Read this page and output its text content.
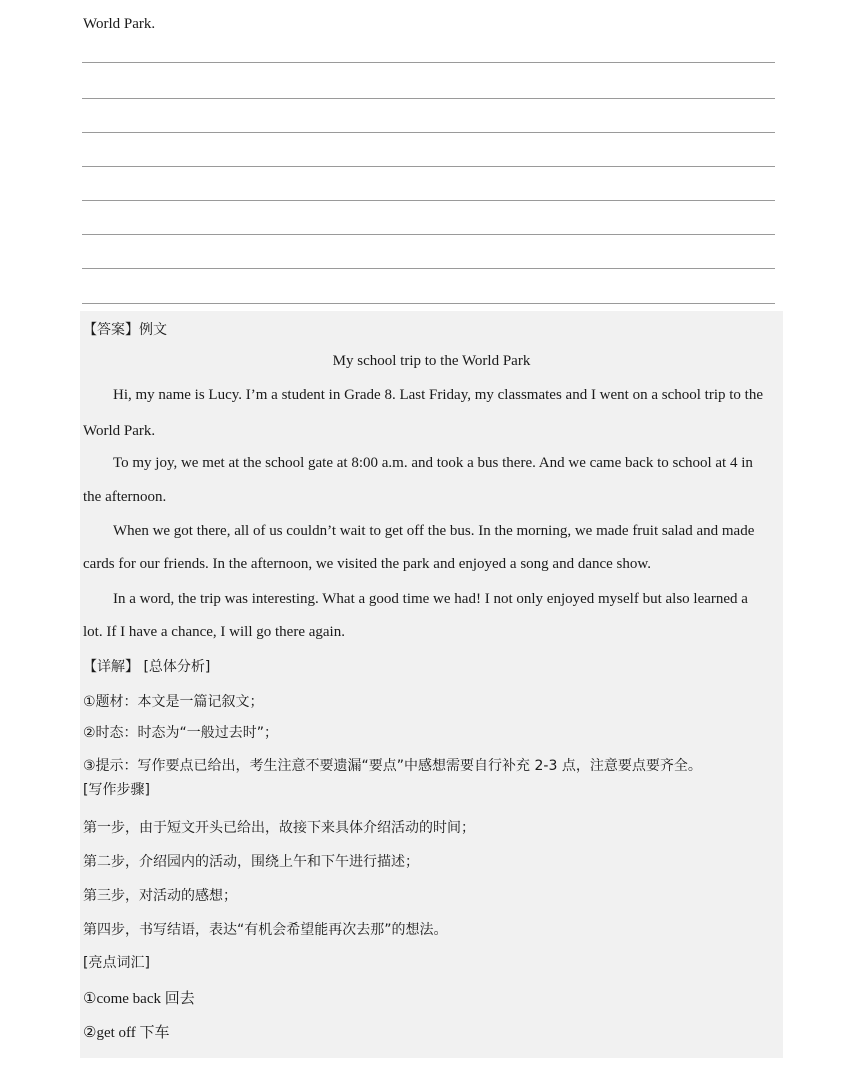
World Park.
【答案】例文
My school trip to the World Park
Hi, my name is Lucy. I’m a student in Grade 8. Last Friday, my classmates and I went on a school trip to the
World Park.
To my joy, we met at the school gate at 8:00 a.m. and took a bus there. And we came back to school at 4 in
the afternoon.
When we got there, all of us couldn’t wait to get off the bus. In the morning, we made fruit salad and made
cards for our friends. In the afternoon, we visited the park and enjoyed a song and dance show.
In a word, the trip was interesting. What a good time we had! I not only enjoyed myself but also learned a
lot. If I have a chance, I will go there again.
【详解】 [总体分析]
①题材：本文是一篇记叙文；
②时态：时态为“一般过去时”；
③提示：写作要点已给出，考生注意不要遗漏“要点”中感想需要自行补充 2-3 点，注意要点要齐全。
[写作步骤]
第一步，由于短文开头已给出，故接下来具体介绍活动的时间；
第二步，介绍园内的活动，围绕上午和下午进行描述；
第三步，对活动的感想；
第四步，书写结语，表达“有机会希望能再次去那”的想法。
[亮点词汇]
①come back 回去
②get off 下车
